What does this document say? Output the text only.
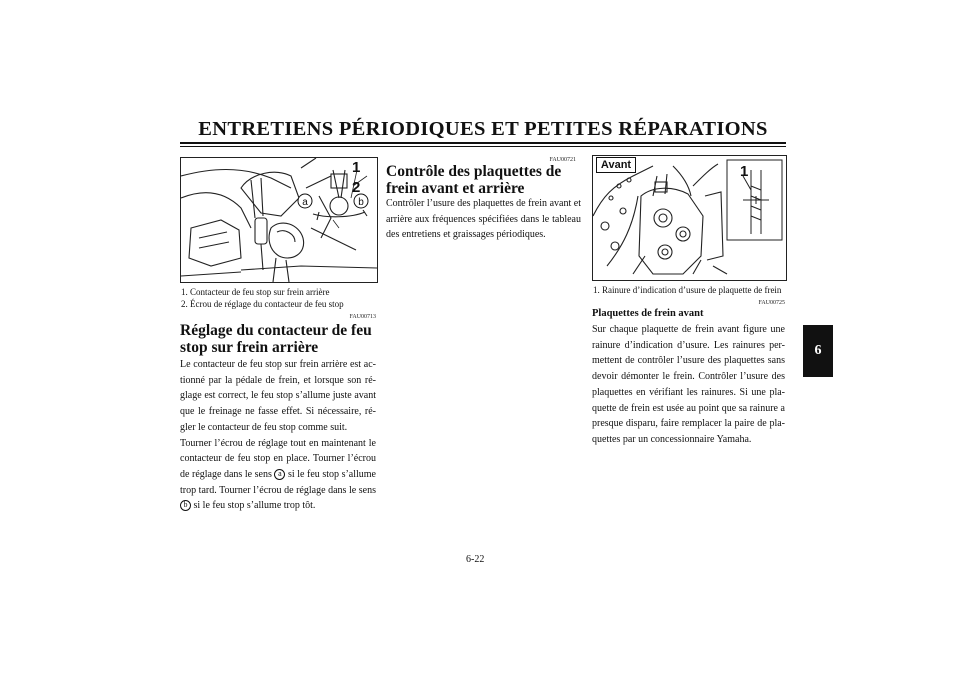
ENTRETIENS PÉRIODIQUES ET PETITES RÉPARATIONS
6
a	b
1
2
1. Contacteur de feu stop sur frein arrière
2. Écrou de réglage du contacteur de feu stop
FAU00713
Réglage du contacteur de feu stop sur frein arrière

Le contacteur de feu stop sur frein arrière est ac-tionné par la pédale de frein, et lorsque son ré-glage est correct, le feu stop s’allume juste avant que le freinage ne fasse effet. Si nécessaire, ré-gler le contacteur de feu stop comme suit.

Tourner l’écrou de réglage tout en maintenant le contacteur de feu stop en place. Tourner l’écrou de réglage dans le sens a si le feu stop s’allume trop tard. Tourner l’écrou de réglage dans le sens b si le feu stop s’allume trop tôt.

FAU00721
Contrôle des plaquettes de frein avant et arrière
Contrôler l’usure des plaquettes de frein avant et arrière aux fréquences spécifiées dans le tableau des entretiens et graissages périodiques.
1
Avant
1. Rainure d’indication d’usure de plaquette de frein
FAU00725
Plaquettes de frein avant
Sur chaque plaquette de frein avant figure une rainure d’indication d’usure. Les rainures per-mettent de contrôler l’usure des plaquettes sans devoir démonter le frein. Contrôler l’usure des plaquettes en vérifiant les rainures. Si une pla-quette de frein est usée au point que sa rainure a presque disparu, faire remplacer la paire de pla-quettes par un concessionnaire Yamaha.
6-22
